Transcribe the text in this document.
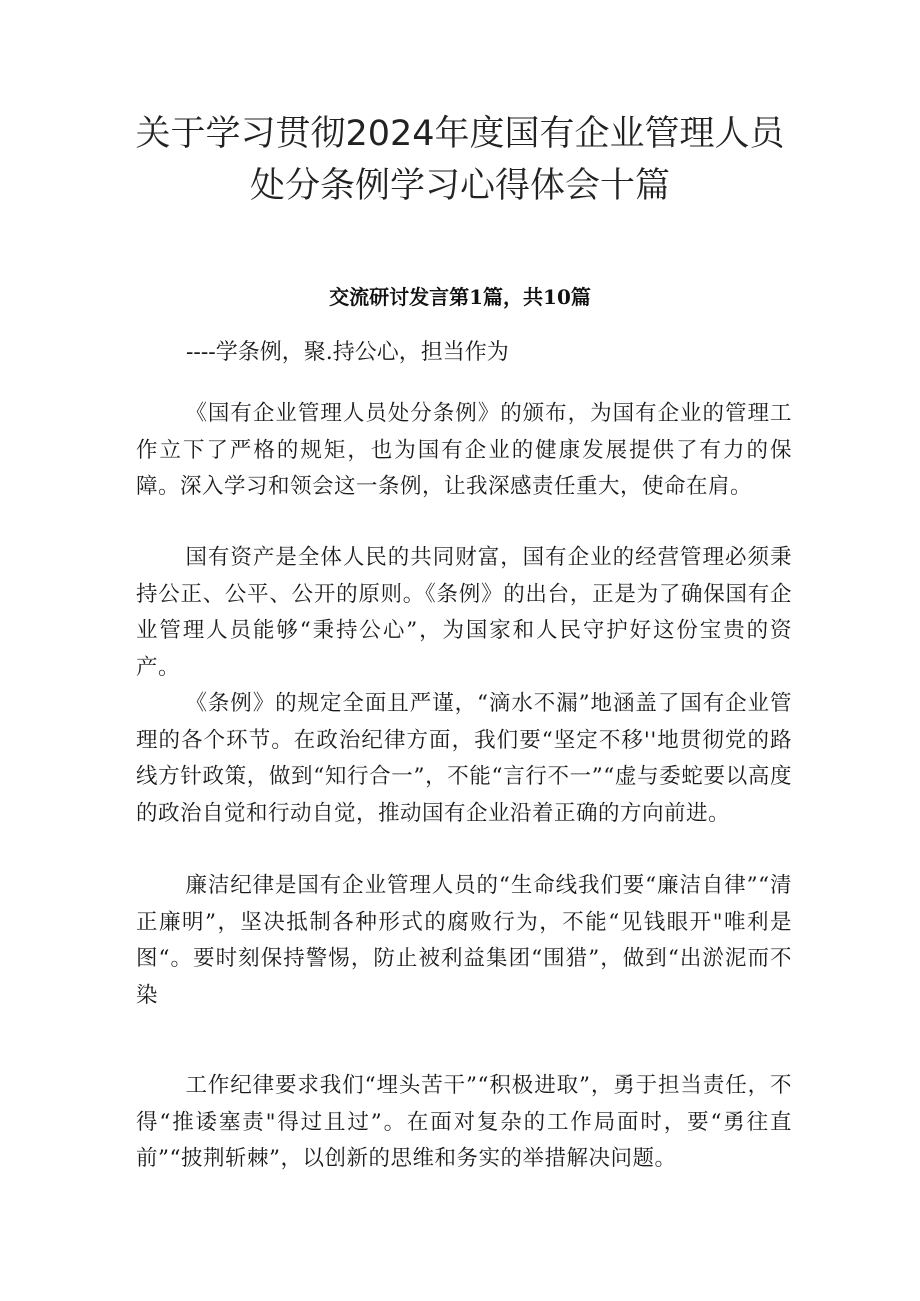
关于学习贯彻2024年度国有企业管理人员
处分条例学习心得体会十篇

交流研讨发言第1篇，共10篇

----学条例，聚.持公心，担当作为

《国有企业管理人员处分条例》的颁布，为国有企业的管理工作立下了严格的规矩，也为国有企业的健康发展提供了有力的保障。深入学习和领会这一条例，让我深感责任重大，使命在肩。

国有资产是全体人民的共同财富，国有企业的经营管理必须秉持公正、公平、公开的原则。《条例》的出台，正是为了确保国有企业管理人员能够“秉持公心”，为国家和人民守护好这份宝贵的资产。

《条例》的规定全面且严谨，“滴水不漏”地涵盖了国有企业管理的各个环节。在政治纪律方面，我们要“坚定不移''地贯彻党的路线方针政策，做到“知行合一”，不能“言行不一”“虚与委蛇要以高度的政治自觉和行动自觉，推动国有企业沿着正确的方向前进。

廉洁纪律是国有企业管理人员的“生命线我们要“廉洁自律”“清正廉明”，坚决抵制各种形式的腐败行为，不能“见钱眼开"唯利是图“。要时刻保持警惕，防止被利益集团“围猎”，做到“出淤泥而不染

工作纪律要求我们“埋头苦干”“积极进取”，勇于担当责任，不得“推诿塞责"得过且过”。在面对复杂的工作局面时，要“勇往直前”“披荆斩棘”，以创新的思维和务实的举措解决问题。
